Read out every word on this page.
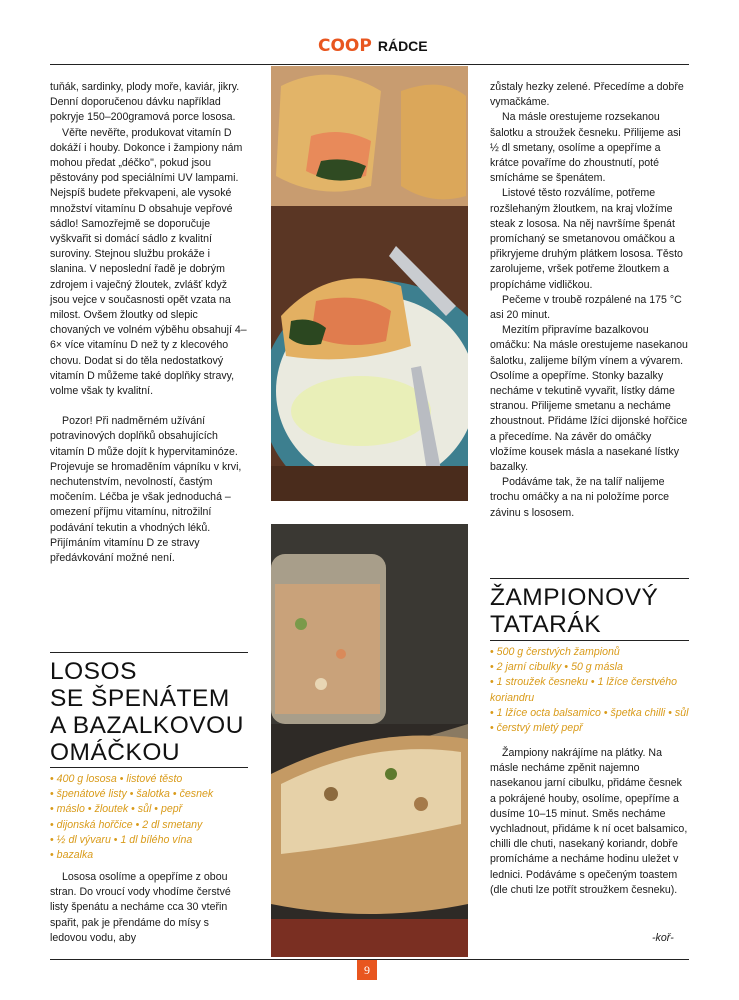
COOP RÁDCE

tuňák, sardinky, plody moře, kaviár, jikry. Denní doporučenou dávku například pokryje 150–200gramová porce lososa.

Věřte nevěřte, produkovat vitamín D dokáží i houby. Dokonce i žampiony nám mohou předat „déčko", pokud jsou pěstovány pod speciálními UV lampami. Nejspíš budete překvapeni, ale vysoké množství vitamínu D obsahuje vepřové sádlo! Samozřejmě se doporučuje vyškvařit si domácí sádlo z kvalitní suroviny. Stejnou službu prokáže i slanina. V neposlední řadě je dobrým zdrojem i vaječný žloutek, zvlášť když jsou vejce v současnosti opět vzata na milost. Ovšem žloutky od slepic chovaných ve volném výběhu obsahují 4–6× více vitamínu D než ty z klecového chovu. Dodat si do těla nedostatkový vitamín D můžeme také doplňky stravy, volme však ty kvalitní.

Pozor! Při nadměrném užívání potravinových doplňků obsahujících vitamín D může dojít k hypervitaminóze. Projevuje se hromaděním vápníku v krvi, nechutenstvím, nevolností, častým močením. Léčba je však jednoduchá – omezení příjmu vitamínu, nitrožilní podávání tekutin a vhodných léků. Přijímáním vitamínu D ze stravy předávkování možné není.

LOSOS
SE ŠPENÁTEM
A BAZALKOVOU
OMÁČKOU
• 400 g lososa • listové těsto
• špenátové listy • šalotka • česnek
• máslo • žloutek • sůl • pepř
• dijonská hořčice • 2 dl smetany
• ½ dl vývaru • 1 dl bílého vína
• bazalka

Lososa osolíme a opepříme z obou stran. Do vroucí vody vhodíme čerstvé listy špenátu a necháme cca 30 vteřin spařit, pak je přendáme do mísy s ledovou vodu, aby

zůstaly hezky zelené. Přecedíme a dobře vymačkáme.

Na másle orestujeme rozsekanou šalotku a stroužek česneku. Přilijeme asi ½ dl smetany, osolíme a opepříme a krátce povaříme do zhoustnutí, poté smícháme se špenátem.

Listové těsto rozválíme, potřeme rozšlehaným žloutkem, na kraj vložíme steak z lososa. Na něj navršíme špenát promíchaný se smetanovou omáčkou a přikryjeme druhým plátkem lososa. Těsto zarolujeme, vršek potřeme žloutkem a propícháme vidličkou.

Pečeme v troubě rozpálené na 175 °C asi 20 minut.

Mezitím připravíme bazalkovou omáčku: Na másle orestujeme nasekanou šalotku, zalijeme bílým vínem a vývarem. Osolíme a opepříme. Stonky bazalky necháme v tekutině vyvařit, lístky dáme stranou. Přilijeme smetanu a necháme zhoustnout. Přidáme lžíci dijonské hořčice a přecedíme. Na závěr do omáčky vložíme kousek másla a nasekané lístky bazalky.

Podáváme tak, že na talíř nalijeme trochu omáčky a na ni položíme porce závinu s lososem.

ŽAMPIONOVÝ
TATARÁK
• 500 g čerstvých žampionů
• 2 jarní cibulky • 50 g másla
• 1 stroužek česneku • 1 lžíce čerstvého koriandru
• 1 lžíce octa balsamico • špetka chilli • sůl
• čerstvý mletý pepř

Žampiony nakrájíme na plátky. Na másle necháme zpěnit najemno nasekanou jarní cibulku, přidáme česnek a pokrájené houby, osolíme, opepříme a dusíme 10–15 minut. Směs necháme vychladnout, přidáme k ní ocet balsamico, chilli dle chuti, nasekaný koriandr, dobře promícháme a necháme hodinu uležet v lednici. Podáváme s opečeným toastem (dle chuti lze potřít stroužkem česneku).

-koř-
9
